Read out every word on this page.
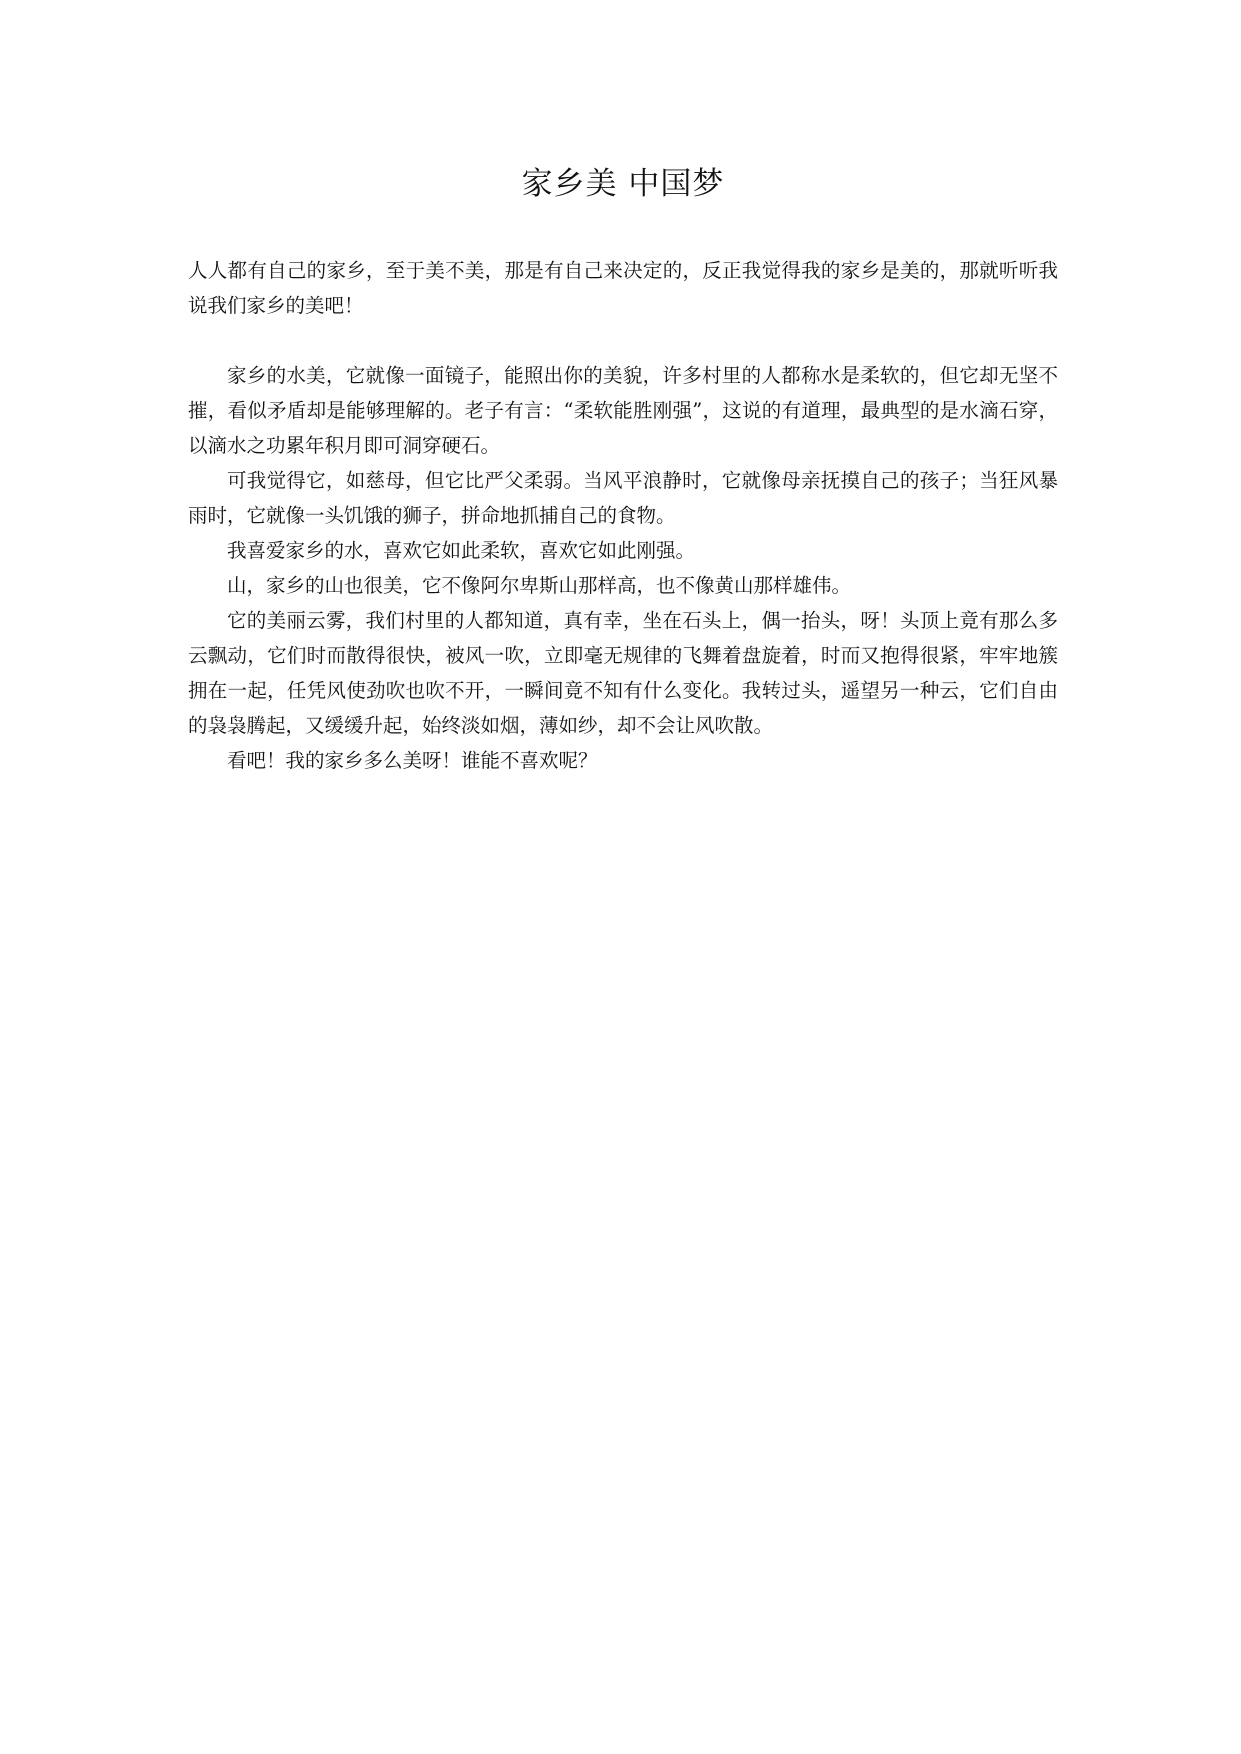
家乡美 中国梦

人人都有自己的家乡，至于美不美，那是有自己来决定的，反正我觉得我的家乡是美的，那就听听我说我们家乡的美吧！

家乡的水美，它就像一面镜子，能照出你的美貌，许多村里的人都称水是柔软的，但它却无坚不摧，看似矛盾却是能够理解的。老子有言：“柔软能胜刚强”，这说的有道理，最典型的是水滴石穿，以滴水之功累年积月即可洞穿硬石。

可我觉得它，如慈母，但它比严父柔弱。当风平浪静时，它就像母亲抚摸自己的孩子；当狂风暴雨时，它就像一头饥饿的狮子，拼命地抓捕自己的食物。

我喜爱家乡的水，喜欢它如此柔软，喜欢它如此刚强。

山，家乡的山也很美，它不像阿尔卑斯山那样高，也不像黄山那样雄伟。

它的美丽云雾，我们村里的人都知道，真有幸，坐在石头上，偶一抬头，呀！头顶上竟有那么多云飘动，它们时而散得很快，被风一吹，立即毫无规律的飞舞着盘旋着，时而又抱得很紧，牢牢地簇拥在一起，任凭风使劲吹也吹不开，一瞬间竟不知有什么变化。我转过头，遥望另一种云，它们自由的袅袅腾起，又缓缓升起，始终淡如烟，薄如纱，却不会让风吹散。

看吧！我的家乡多么美呀！谁能不喜欢呢？
